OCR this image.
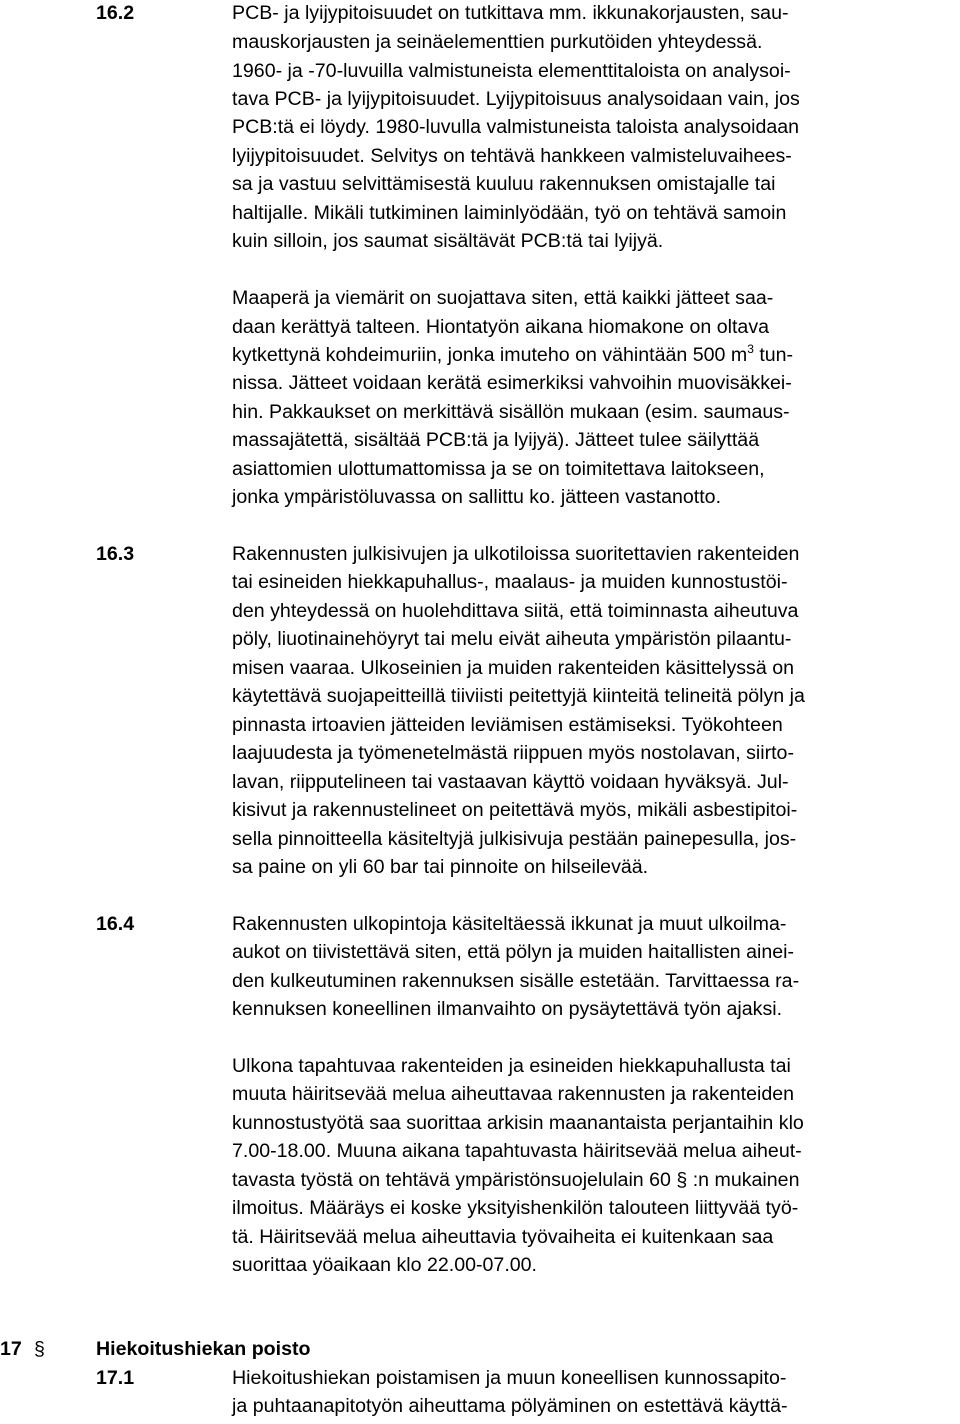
16.2	PCB- ja lyijypitoisuudet on tutkittava mm. ikkunakorjausten, sau-
mauskorjausten ja seinäelementtien purkutöiden yhteydessä.
1960- ja -70-luvuilla valmistuneista elementtitaloista on analysoi-
tava PCB- ja lyijypitoisuudet. Lyijypitoisuus analysoidaan vain, jos
PCB:tä ei löydy. 1980-luvulla valmistuneista taloista analysoidaan
lyijypitoisuudet. Selvitys on tehtävä hankkeen valmisteluvaihees-
sa ja vastuu selvittämisestä kuuluu rakennuksen omistajalle tai
haltijalle. Mikäli tutkiminen laiminlyödään, työ on tehtävä samoin
kuin silloin, jos saumat sisältävät PCB:tä tai lyijyä.
Maaperä ja viemärit on suojattava siten, että kaikki jätteet saa-
daan kerättyä talteen. Hiontatyön aikana hiomakone on oltava
kytkettynä kohdeimuriin, jonka imuteho on vähintään 500 $m^3$ tun-
nissa. Jätteet voidaan kerätä esimerkiksi vahvoihin muovisäkkei-
hin. Pakkaukset on merkittävä sisällön mukaan (esim. saumaus-
massajätettä, sisältää PCB:tä ja lyijyä). Jätteet tulee säilyttää
asiattomien ulottumattomissa ja se on toimitettava laitokseen,
jonka ympäristöluvassa on sallittu ko. jätteen vastanotto.
16.3	Rakennusten julkisivujen ja ulkotiloissa suoritettavien rakenteiden
tai esineiden hiekkapuhallus-, maalaus- ja muiden kunnostustöi-
den yhteydessä on huolehdittava siitä, että toiminnasta aiheutuva
pöly, liuotinainehöyryt tai melu eivät aiheuta ympäristön pilaantu-
misen vaaraa. Ulkoseinien ja muiden rakenteiden käsittelyssä on
käytettävä suojapeitteillä tiiviisti peitettyjä kiinteitä telineitä pölyn ja
pinnasta irtoavien jätteiden leviämisen estämiseksi. Työkohteen
laajuudesta ja työmenetelmästä riippuen myös nostolavan, siirto-
lavan, riipputelineen tai vastaavan käyttö voidaan hyväksyä. Jul-
kisivut ja rakennustelineet on peitettävä myös, mikäli asbestipitoi-
sella pinnoitteella käsiteltyjä julkisivuja pestään painepesulla, jos-
sa paine on yli 60 bar tai pinnoite on hilseilevää.
16.4	Rakennusten ulkopintoja käsiteltäessä ikkunat ja muut ulkoilma-
aukot on tiivistettävä siten, että pölyn ja muiden haitallisten ainei-
den kulkeutuminen rakennuksen sisälle estetään. Tarvittaessa ra-
kennuksen koneellinen ilmanvaihto on pysäytettävä työn ajaksi.
Ulkona tapahtuvaa rakenteiden ja esineiden hiekkapuhallusta tai
muuta häiritsevää melua aiheuttavaa rakennusten ja rakenteiden
kunnostustyötä saa suorittaa arkisin maanantaista perjantaihin klo
7.00-18.00. Muuna aikana tapahtuvasta häiritsevää melua aiheut-
tavasta työstä on tehtävä ympäristönsuojelulain 60 § :n mukainen
ilmoitus. Määräys ei koske yksityishenkilön talouteen liittyvää työ-
tä. Häiritsevää melua aiheuttavia työvaiheita ei kuitenkaan saa
suorittaa yöaikaan klo 22.00-07.00.
17 §	Hiekoitushiekan poisto
17.1	Hiekoitushiekan poistamisen ja muun koneellisen kunnossapito-
ja puhtaanapitotyön aiheuttama pölyäminen on estettävä käyttä-
